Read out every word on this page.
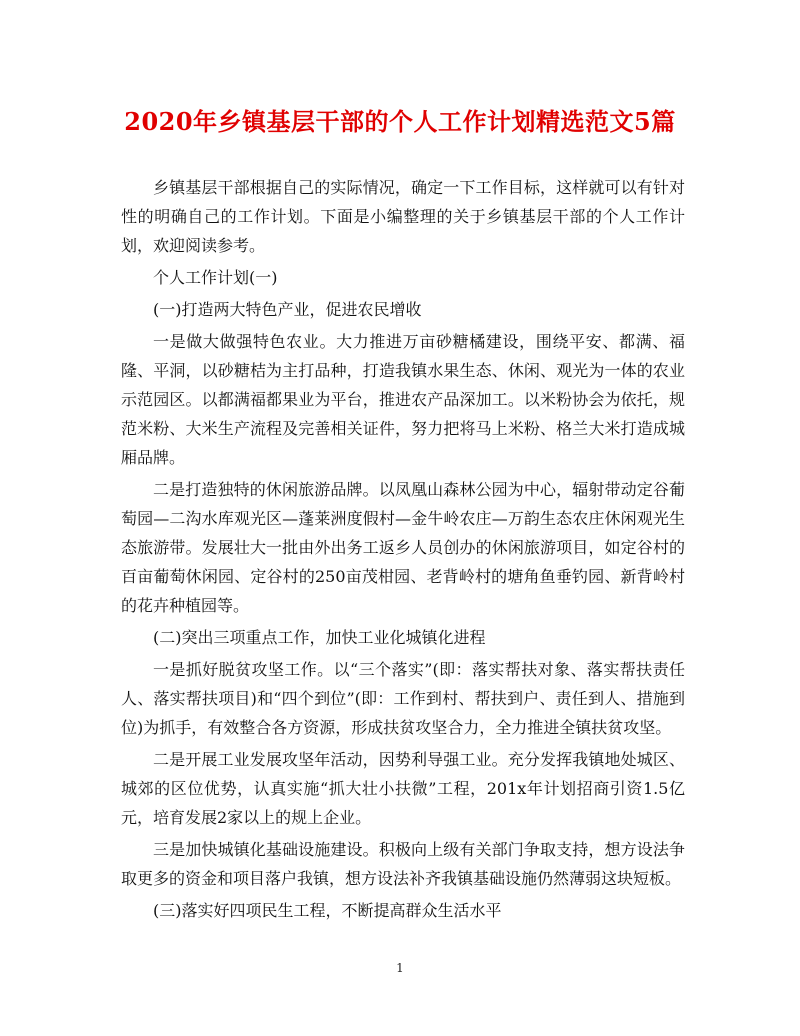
2020年乡镇基层干部的个人工作计划精选范文5篇

乡镇基层干部根据自己的实际情况，确定一下工作目标，这样就可以有针对性的明确自己的工作计划。下面是小编整理的关于乡镇基层干部的个人工作计划，欢迎阅读参考。

个人工作计划(一)

(一)打造两大特色产业，促进农民增收

一是做大做强特色农业。大力推进万亩砂糖橘建设，围绕平安、都满、福隆、平洞，以砂糖桔为主打品种，打造我镇水果生态、休闲、观光为一体的农业示范园区。以都满福都果业为平台，推进农产品深加工。以米粉协会为依托，规范米粉、大米生产流程及完善相关证件，努力把将马上米粉、格兰大米打造成城厢品牌。

二是打造独特的休闲旅游品牌。以凤凰山森林公园为中心，辐射带动定谷葡萄园—二沟水库观光区—蓬莱洲度假村—金牛岭农庄—万韵生态农庄休闲观光生态旅游带。发展壮大一批由外出务工返乡人员创办的休闲旅游项目，如定谷村的百亩葡萄休闲园、定谷村的250亩茂柑园、老背岭村的塘角鱼垂钓园、新背岭村的花卉种植园等。

(二)突出三项重点工作，加快工业化城镇化进程

一是抓好脱贫攻坚工作。以“三个落实”(即：落实帮扶对象、落实帮扶责任人、落实帮扶项目)和“四个到位”(即：工作到村、帮扶到户、责任到人、措施到位)为抓手，有效整合各方资源，形成扶贫攻坚合力，全力推进全镇扶贫攻坚。

二是开展工业发展攻坚年活动，因势利导强工业。充分发挥我镇地处城区、城郊的区位优势，认真实施“抓大壮小扶微”工程，201x年计划招商引资1.5亿元，培育发展2家以上的规上企业。

三是加快城镇化基础设施建设。积极向上级有关部门争取支持，想方设法争取更多的资金和项目落户我镇，想方设法补齐我镇基础设施仍然薄弱这块短板。

(三)落实好四项民生工程，不断提高群众生活水平

1
